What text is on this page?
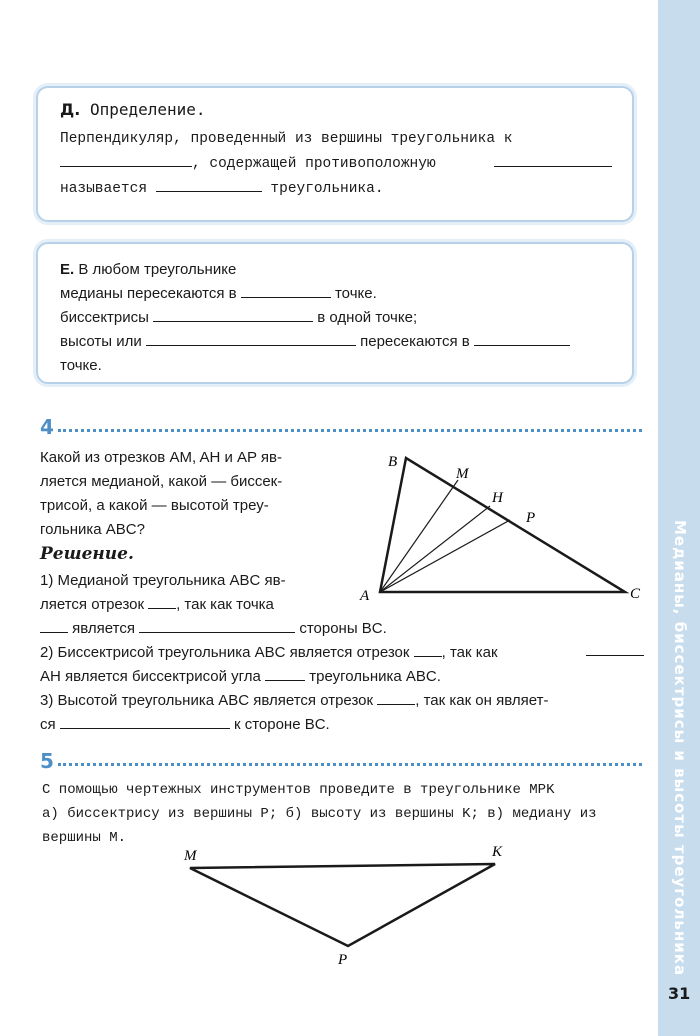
Медианы, биссектрисы и высоты треугольника
31
Д. Определение.
Перпендикуляр, проведенный из вершины треугольника к
, содержащей противоположную
называется	треугольника.
Е. В любом треугольнике
медианы пересекаются в	точке.
биссектрисы	в одной точке;
высоты или	пересекаются в
точке.
4
Какой из отрезков AM, AH и AP яв-
ляется медианой, какой — биссек-
трисой, а какой — высотой треу-
гольника ABC?
B
M
H
P
A	C
Решение.
1) Медианой треугольника ABC яв-
ляется отрезок , так как точка
является	стороны BC.
2) Биссектрисой треугольника ABC является отрезок , так как
AH является биссектрисой угла	треугольника ABC.
3) Высотой треугольника ABC является отрезок	, так как он являет-
ся	к стороне BC.
5
С помощью чертежных инструментов проведите в треугольнике MPK
а) биссектрису из вершины P; б) высоту из вершины K; в) медиану из
вершины M.
M	K
P
